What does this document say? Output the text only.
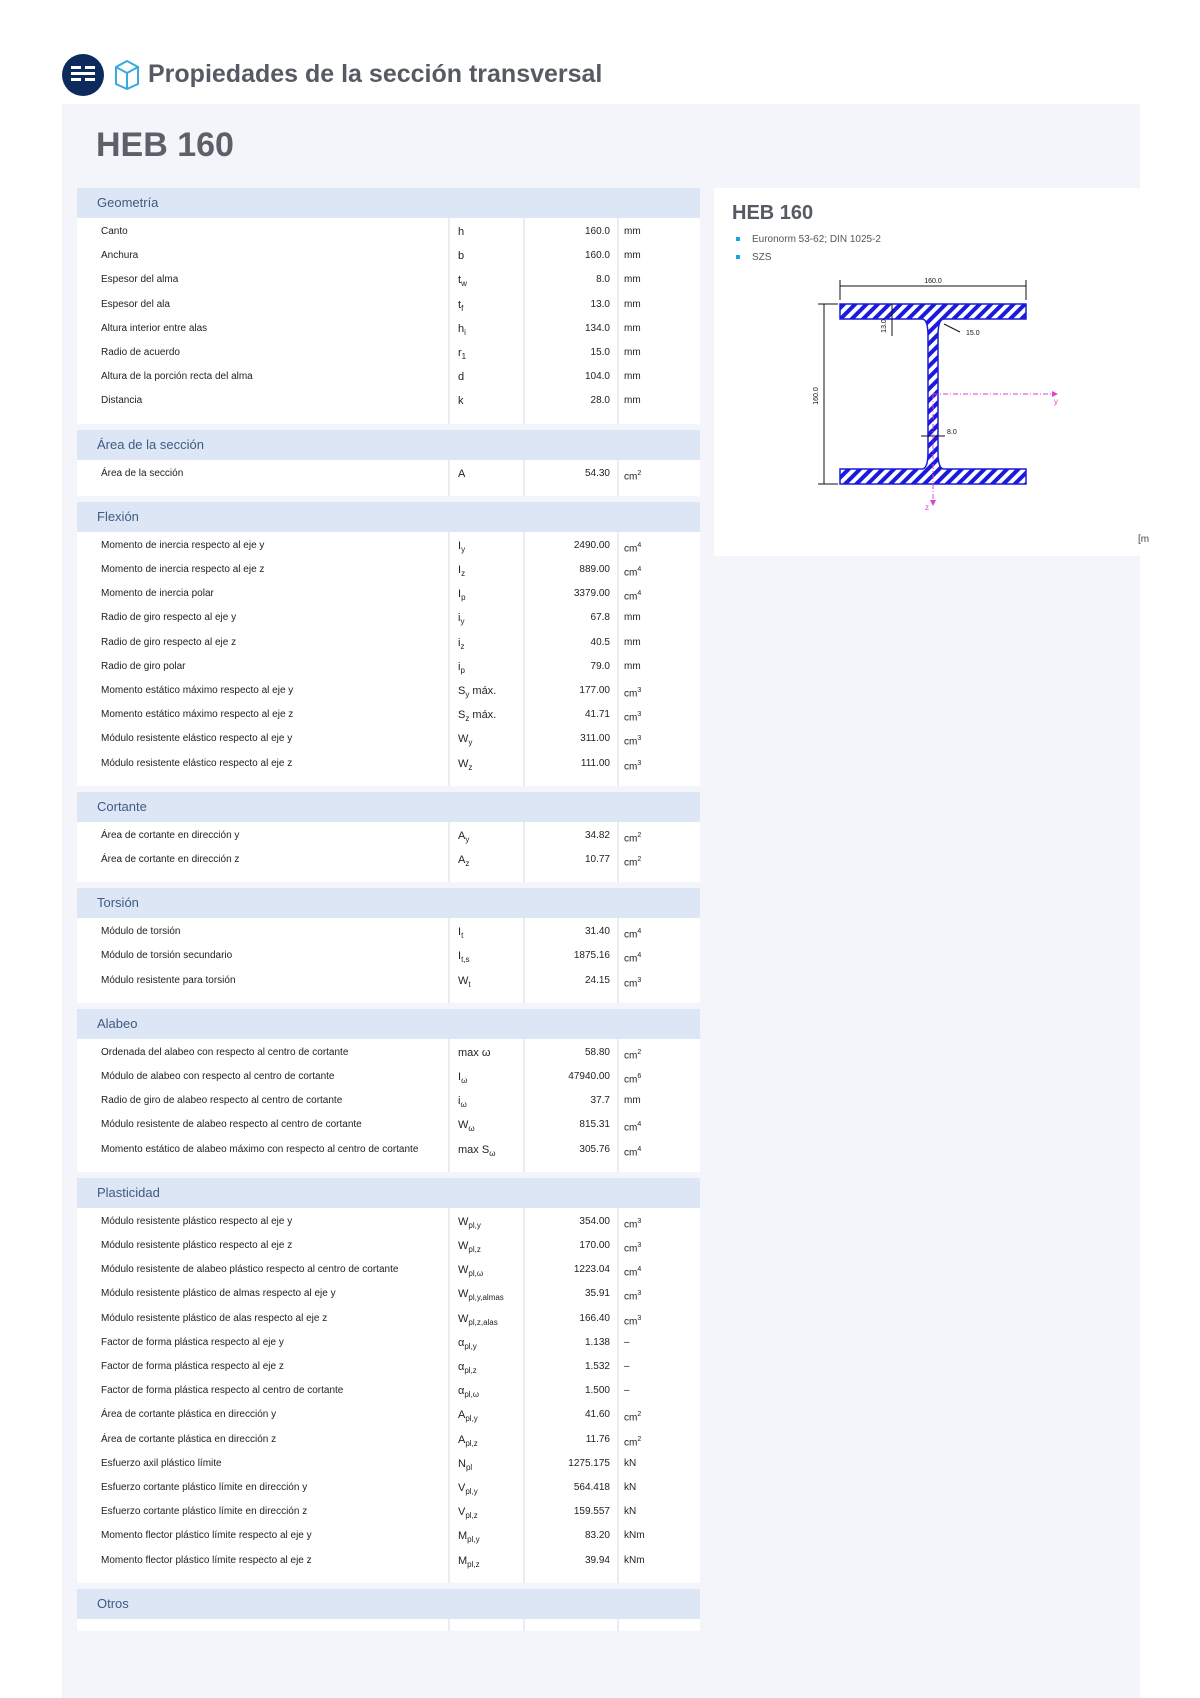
Propiedades de la sección transversal
HEB 160
Geometría
Canto	h	160.0 mm
Anchura	b	160.0 mm
Espesor del alma	$t_w$	8.0 mm
Espesor del ala	$t_f$	13.0 mm
Altura interior entre alas	$h_i$	134.0 mm
Radio de acuerdo	$r_1$	15.0 mm
Altura de la porción recta del alma	d	104.0 mm
Distancia	k	28.0 mm
Área de la sección
Área de la sección	A	54.30 $cm^2$
Flexión
Momento de inercia respecto al eje y	$I_y$	2490.00 $cm^4$
Momento de inercia respecto al eje z	$I_z$	889.00 $cm^4$
Momento de inercia polar	$I_p$	3379.00 $cm^4$
Radio de giro respecto al eje y	$i_y$	67.8 mm
Radio de giro respecto al eje z	$i_z$	40.5 mm
Radio de giro polar	$i_p$	79.0 mm
Momento estático máximo respecto al eje y	$S_y$ máx.	177.00 $cm^3$
Momento estático máximo respecto al eje z	$S_z$ máx.	41.71 $cm^3$
Módulo resistente elástico respecto al eje y	$W_y$	311.00 $cm^3$
Módulo resistente elástico respecto al eje z	$W_z$	111.00 $cm^3$
Cortante
Área de cortante en dirección y	$A_y$	34.82 $cm^2$
Área de cortante en dirección z	$A_z$	10.77 $cm^2$
Torsión
Módulo de torsión	$I_t$	31.40 $cm^4$
Módulo de torsión secundario	$I_{t,s}$	1875.16 $cm^4$
Módulo resistente para torsión	$W_t$	24.15 $cm^3$
Alabeo
Ordenada del alabeo con respecto al centro de cortante	max ω	58.80 $cm^2$
Módulo de alabeo con respecto al centro de cortante	$I_\omega$	47940.00 $cm^6$
Radio de giro de alabeo respecto al centro de cortante	$i_\omega$	37.7 mm
Módulo resistente de alabeo respecto al centro de cortante	$W_\omega$	815.31 $cm^4$
Momento estático de alabeo máximo con respecto al centro de cortante	$\max S_\omega$	305.76 $cm^4$
Plasticidad
Módulo resistente plástico respecto al eje y	$W_{pl,y}$	354.00 $cm^3$
Módulo resistente plástico respecto al eje z	$W_{pl,z}$	170.00 $cm^3$
Módulo resistente de alabeo plástico respecto al centro de cortante	$W_{pl,\omega}$	1223.04 $cm^4$
Módulo resistente plástico de almas respecto al eje y	$W_{pl,y,almas}$	35.91 $cm^3$
Módulo resistente plástico de alas respecto al eje z	$W_{pl,z,alas}$	166.40 $cm^3$
Factor de forma plástica respecto al eje y	$\alpha_{pl,y}$	1.138 –
Factor de forma plástica respecto al eje z	$\alpha_{pl,z}$	1.532 –
Factor de forma plástica respecto al centro de cortante	$\alpha_{pl,\omega}$	1.500 –
Área de cortante plástica en dirección y	$A_{pl,y}$	41.60 $cm^2$
Área de cortante plástica en dirección z	$A_{pl,z}$	11.76 $cm^2$
Esfuerzo axil plástico límite	$N_{pl}$	1275.175 kN
Esfuerzo cortante plástico límite en dirección y	$V_{pl,y}$	564.418 kN
Esfuerzo cortante plástico límite en dirección z	$V_{pl,z}$	159.557 kN
Momento flector plástico límite respecto al eje y	$M_{pl,y}$	83.20 kNm
Momento flector plástico límite respecto al eje z	$M_{pl,z}$	39.94 kNm
Otros
HEB 160
Euronorm 53-62; DIN 1025-2
SZS
160.0
160.0
13.0
15.0
8.0
y
z
[m
